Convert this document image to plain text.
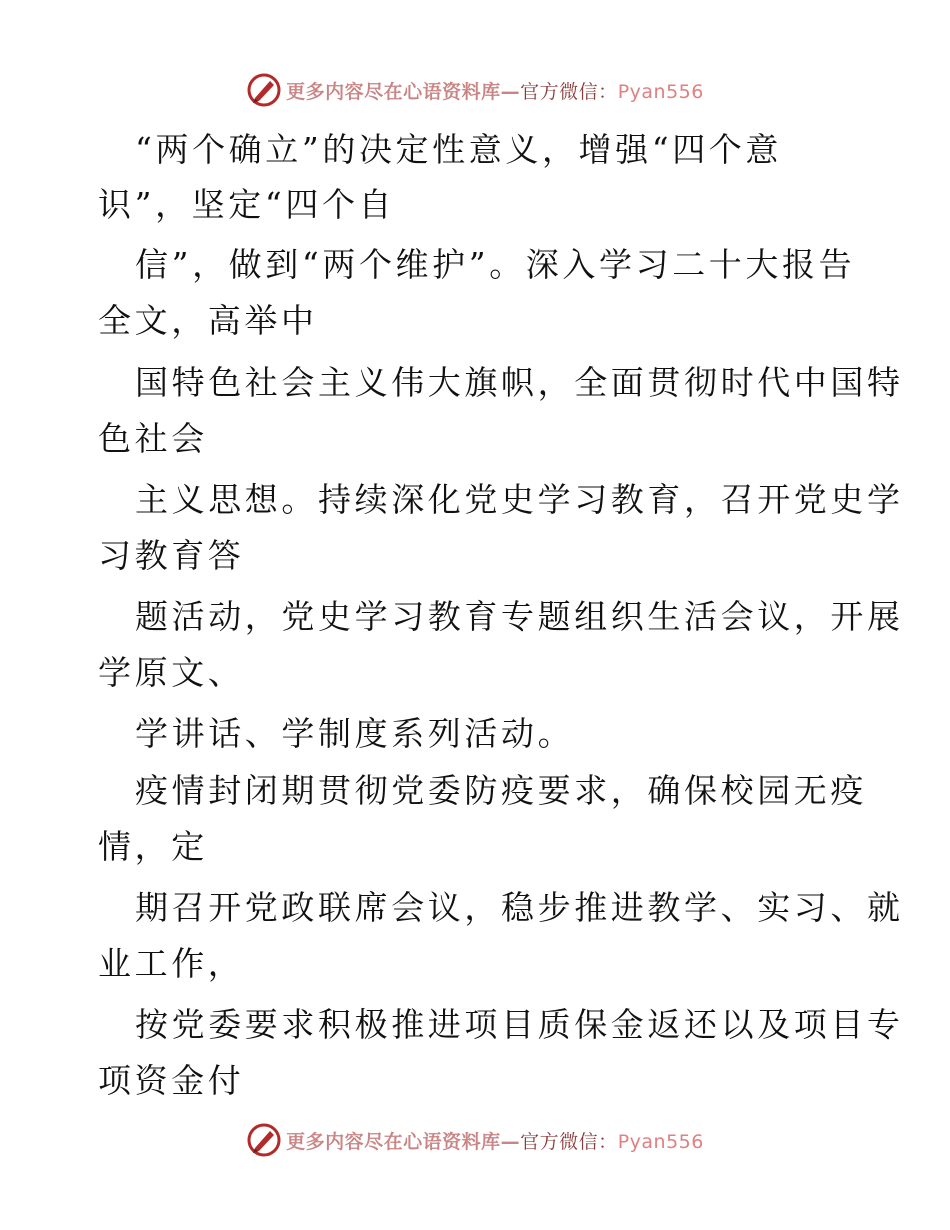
更多内容尽在心语资料库—官方微信：Pyan556
“两个确立”的决定性意义，增强“四个意
识”，坚定“四个自
信”，做到“两个维护”。深入学习二十大报告
全文，高举中
国特色社会主义伟大旗帜，全面贯彻时代中国特
色社会
主义思想。持续深化党史学习教育，召开党史学
习教育答
题活动，党史学习教育专题组织生活会议，开展
学原文、
学讲话、学制度系列活动。
疫情封闭期贯彻党委防疫要求，确保校园无疫
情，定
期召开党政联席会议，稳步推进教学、实习、就
业工作，
按党委要求积极推进项目质保金返还以及项目专
项资金付
更多内容尽在心语资料库—官方微信：Pyan556
